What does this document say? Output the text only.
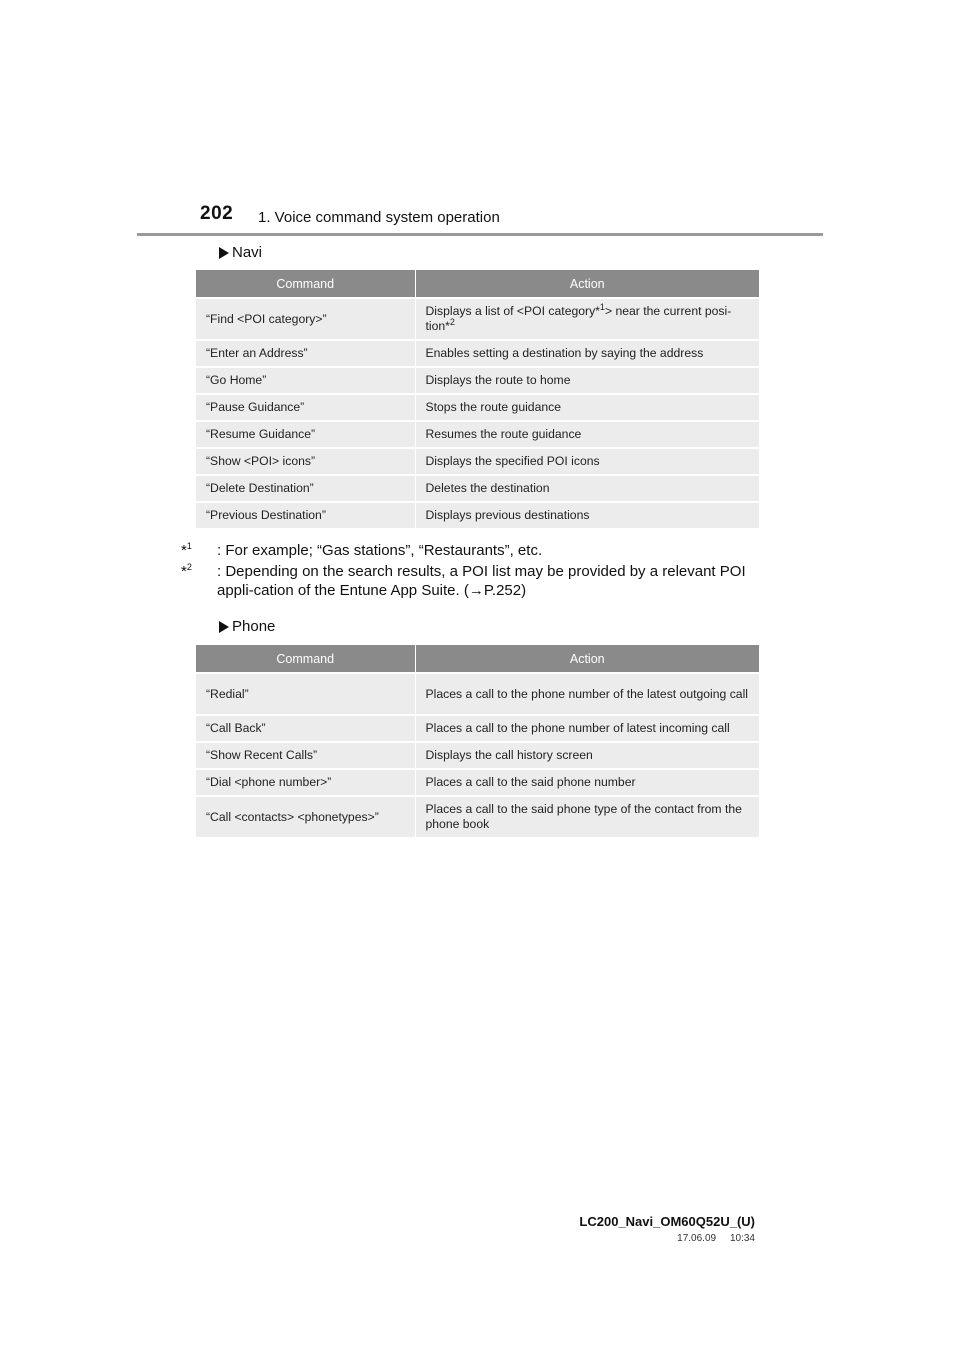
202 1. Voice command system operation
Navi
Command	Action
“Find <POI category>”	Displays a list of <POI category*$^1$> near the current posi-tion*$^2$
“Enter an Address”	Enables setting a destination by saying the address
“Go Home”	Displays the route to home
“Pause Guidance”	Stops the route guidance
“Resume Guidance”	Resumes the route guidance
“Show <POI> icons”	Displays the specified POI icons
“Delete Destination”	Deletes the destination
“Previous Destination”	Displays previous destinations
*$^1$ : For example; “Gas stations”, “Restaurants”, etc.
*$^2$ : Depending on the search results, a POI list may be provided by a relevant POI appli-cation of the Entune App Suite. (→P.252)
Phone
Command	Action
“Redial”	Places a call to the phone number of the latest outgoing call
“Call Back”	Places a call to the phone number of latest incoming call
“Show Recent Calls”	Displays the call history screen
“Dial <phone number>”	Places a call to the said phone number
“Call <contacts> <phonetypes>”	Places a call to the said phone type of the contact from the phone book
LC200_Navi_OM60Q52U_(U)
17.06.09     10:34
